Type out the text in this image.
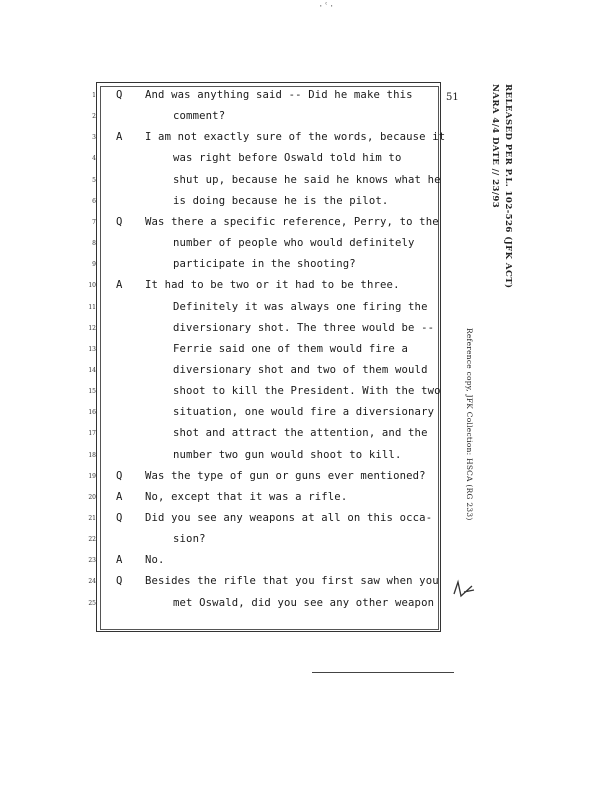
·ʿ·
51
1 Q And was anything said -- Did he make this
2	comment?
3 A I am not exactly sure of the words, because it
4	was right before Oswald told him to
5	shut up, because he said he knows what he
6	is doing because he is the pilot.
7 Q Was there a specific reference, Perry, to the
8	number of people who would definitely
9	participate in the shooting?
10 A It had to be two or it had to be three.
11	Definitely it was always one firing the
12	diversionary shot. The three would be --
13	Ferrie said one of them would fire a
14	diversionary shot and two of them would
15	shoot to kill the President. With the two
16	situation, one would fire a diversionary
17	shot and attract the attention, and the
18	number two gun would shoot to kill.
19 Q Was the type of gun or guns ever mentioned?
20 A No, except that it was a rifle.
21 Q Did you see any weapons at all on this occa-
22	sion?
23 A No.
24 Q Besides the rifle that you first saw when you
25	met Oswald, did you see any other weapon
RELEASED PER P.L. 102-526 (JFK ACT)
NARA 4/4 DATE // 23/93
Reference copy, JFK Collection: HSCA (RG 233)
